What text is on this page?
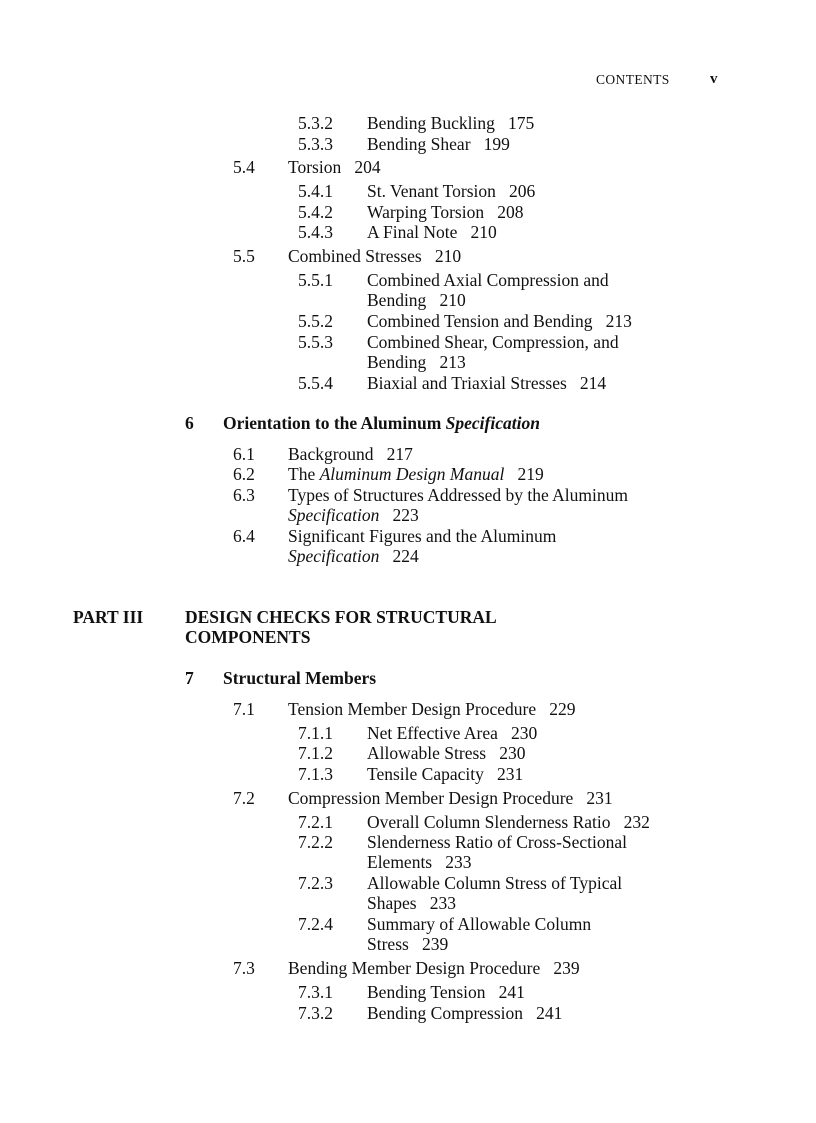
CONTENTS	v
5.3.2 Bending Buckling 175
5.3.3 Bending Shear 199
5.4 Torsion 204
5.4.1 St. Venant Torsion 206
5.4.2 Warping Torsion 208
5.4.3 A Final Note 210
5.5 Combined Stresses 210
5.5.1 Combined Axial Compression and
Bending 210
5.5.2 Combined Tension and Bending 213
5.5.3 Combined Shear, Compression, and
Bending 213
5.5.4 Biaxial and Triaxial Stresses 214
6 Orientation to the Aluminum Specification
6.1 Background 217
6.2 The Aluminum Design Manual 219
6.3 Types of Structures Addressed by the Aluminum
Specification 223
6.4 Significant Figures and the Aluminum
Specification 224
PART III DESIGN CHECKS FOR STRUCTURAL
COMPONENTS
7 Structural Members
7.1 Tension Member Design Procedure 229
7.1.1 Net Effective Area 230
7.1.2 Allowable Stress 230
7.1.3 Tensile Capacity 231
7.2 Compression Member Design Procedure 231
7.2.1 Overall Column Slenderness Ratio 232
7.2.2 Slenderness Ratio of Cross-Sectional
Elements 233
7.2.3 Allowable Column Stress of Typical
Shapes 233
7.2.4 Summary of Allowable Column
Stress 239
7.3 Bending Member Design Procedure 239
7.3.1 Bending Tension 241
7.3.2 Bending Compression 241
